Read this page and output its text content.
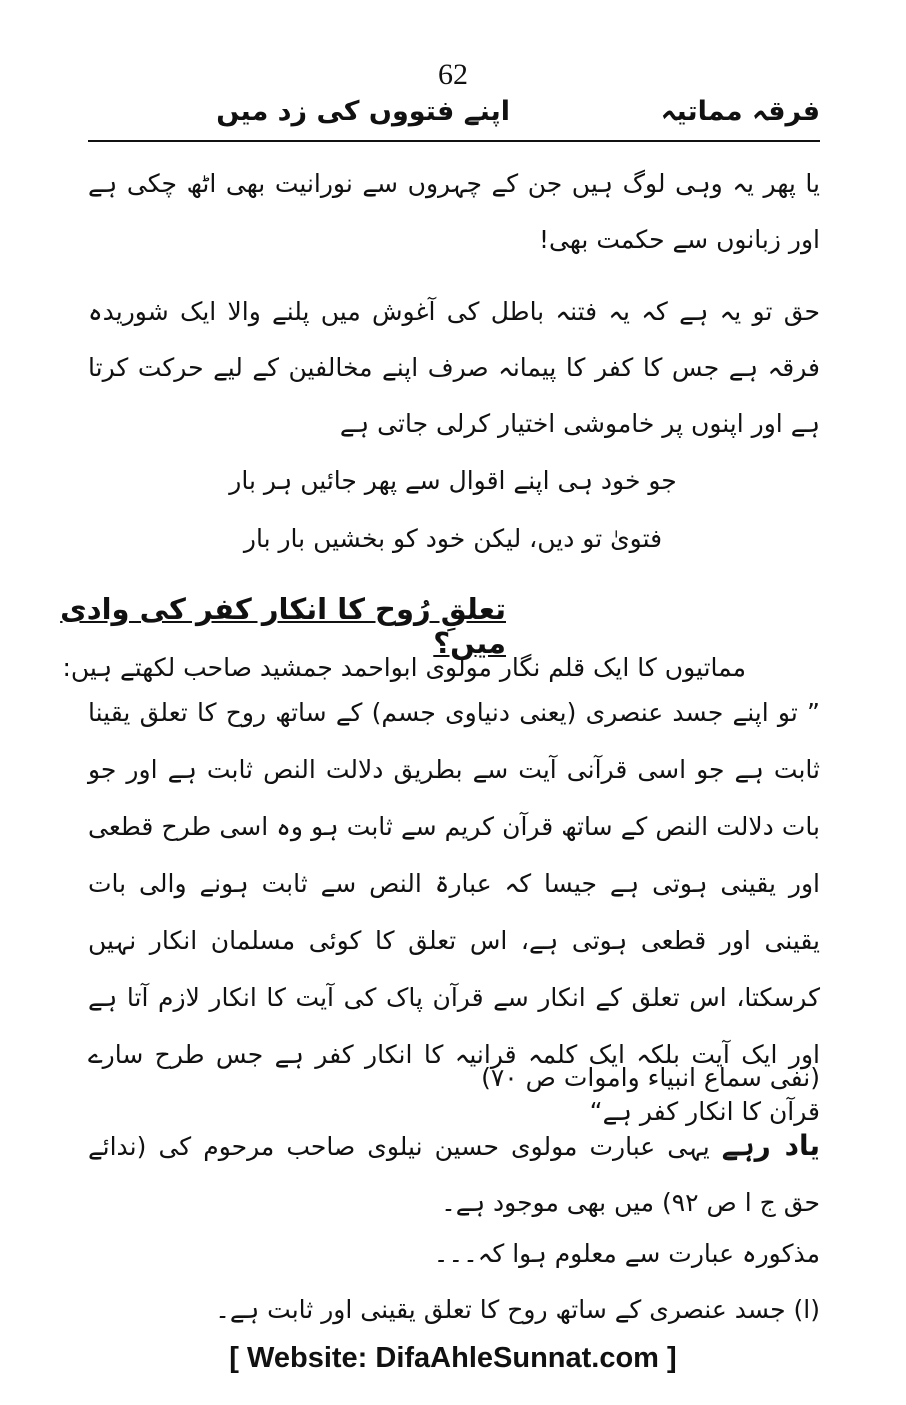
62
فرقہ مماتیہ
اپنے فتووں کی زد میں
یا پھر یہ وہی لوگ ہیں جن کے چہروں سے نورانیت بھی اٹھ چکی ہے اور زبانوں سے حکمت بھی!
حق تو یہ ہے کہ یہ فتنہ باطل کی آغوش میں پلنے والا ایک شوریدہ فرقہ ہے جس کا کفر کا پیمانہ صرف اپنے مخالفین کے لیے حرکت کرتا ہے اور اپنوں پر خاموشی اختیار کرلی جاتی ہے
جو خود ہی اپنے اقوال سے پھر جائیں ہر بار
فتویٰ تو دیں، لیکن خود کو بخشیں بار بار
تعلقِ رُوح کا انکار کفر کی وادی میں؟
مماتیوں کا ایک قلم نگار مولوی ابواحمد جمشید صاحب لکھتے ہیں:
” تو اپنے جسد عنصری (یعنی دنیاوی جسم) کے ساتھ روح کا تعلق یقینا ثابت ہے جو اسی قرآنی آیت سے بطریق دلالت النص ثابت ہے اور جو بات دلالت النص کے ساتھ قرآن کریم سے ثابت ہو وہ اسی طرح قطعی اور یقینی ہوتی ہے جیسا کہ عبارۃ النص سے ثابت ہونے والی بات یقینی اور قطعی ہوتی ہے، اس تعلق کا کوئی مسلمان انکار نہیں کرسکتا، اس تعلق کے انکار سے قرآن پاک کی آیت کا انکار لازم آتا ہے اور ایک آیت بلکہ ایک کلمہ قرانیہ کا انکار کفر ہے جس طرح سارے قرآن کا انکار کفر ہے“
(نفی سماع انبیاء واموات ص ۷۰)
یاد رہے یہی عبارت مولوی حسین نیلوی صاحب مرحوم کی (ندائے حق ج ا ص ۹۲) میں بھی موجود ہے۔
مذکورہ عبارت سے معلوم ہوا کہ۔۔۔
(ا) جسد عنصری کے ساتھ روح کا تعلق یقینی اور ثابت ہے۔
[ Website: DifaAhleSunnat.com ]
